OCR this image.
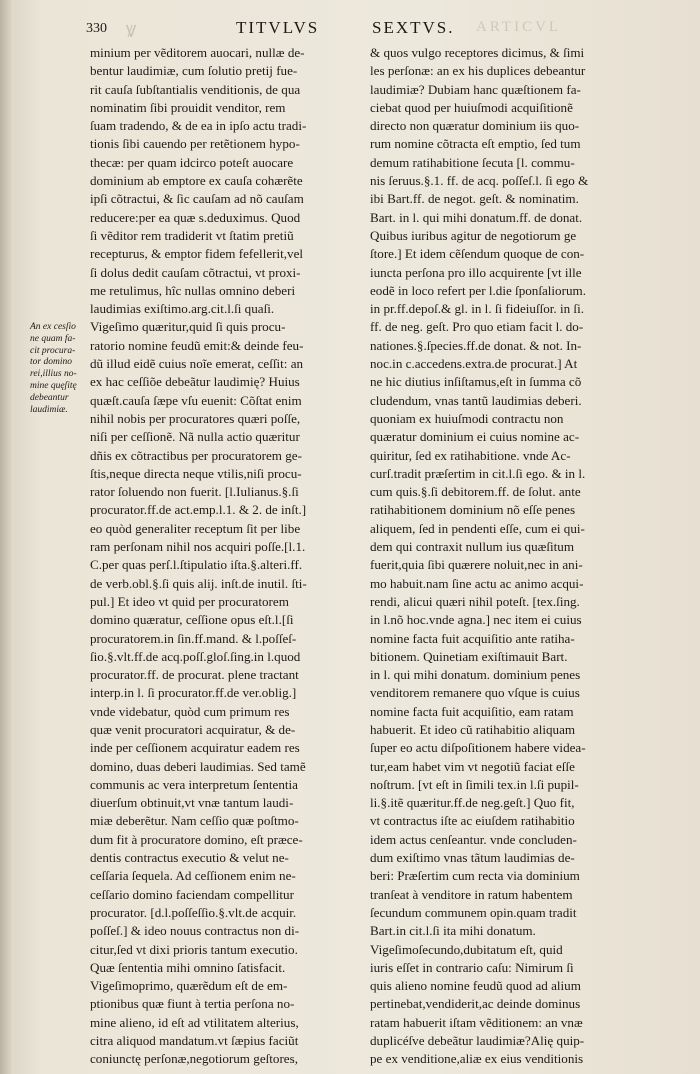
330 Ꝟ	TITVLVS	SEXTVS. ARTICVL
An ex cesſio
ne quam fa-
cit procura-
tor domino
rei,illius no-
mine quęſitę
debeantur
laudimiæ.
minium per vẽditorem auocari, nullæ de-
bentur laudimiæ, cum ſolutio pretij fue-
rit cauſa ſubſtantialis venditionis, de qua
nominatim ſibi prouidit venditor, rem
ſuam tradendo, & de ea in ipſo actu tradi-
tionis ſibi cauendo per retẽtionem hypo-
thecæ: per quam idcirco poteſt auocare
dominium ab emptore ex cauſa cohærẽte
ipſi cõtractui, & ſic cauſam ad nõ cauſam
reducere:per ea quæ s.deduximus. Quod
ſi vẽditor rem tradiderit vt ſtatim pretiũ
recepturus, & emptor fidem fefellerit,vel
ſi dolus dedit cauſam cõtractui, vt proxi-
me retulimus, hîc nullas omnino deberi
laudimias exiſtimo.arg.cit.l.ſi quaſi.
Vigeſimo quæritur,quid ſi quis procu-
ratorio nomine feudũ emit:& deinde feu-
dũ illud eidẽ cuius noĩe emerat, ceſſit: an
ex hac ceſſiõe debeãtur laudimię? Huius
quæſt.cauſa ſæpe vſu euenit: Cõſtat enim
nihil nobis per procuratores quæri poſſe,
niſi per ceſſionẽ. Nã nulla actio quæritur
dñis ex cõtractibus per procuratorem ge-
ſtis,neque directa neque vtilis,niſi procu-
rator ſoluendo non fuerit. [l.Iulianus.§.ſi
procurator.ff.de act.emp.l.1. & 2. de inſt.]
eo quòd generaliter receptum ſit per libe
ram perſonam nihil nos acquiri poſſe.[l.1.
C.per quas perſ.l.ſtipulatio iſta.§.alteri.ff.
de verb.obl.§.ſi quis alij. inſt.de inutil. ſti-
pul.] Et ideo vt quid per procuratorem
domino quæratur, ceſſione opus eſt.l.[ſi
procuratorem.in ſin.ff.mand. & l.poſſeſ-
ſio.§.vlt.ff.de acq.poſſ.gloſ.ſing.in l.quod
procurator.ff. de procurat. plene tractant
interp.in l. ſi procurator.ff.de ver.oblig.]
vnde videbatur, quòd cum primum res
quæ venit procuratori acquiratur, & de-
inde per ceſſionem acquiratur eadem res
domino, duas deberi laudimias. Sed tamẽ
communis ac vera interpretum ſententia
diuerſum obtinuit,vt vnæ tantum laudi-
miæ deberẽtur. Nam ceſſio quæ poſtmo-
dum fit à procuratore domino, eſt præce-
dentis contractus executio & velut ne-
ceſſaria ſequela. Ad ceſſionem enim ne-
ceſſario domino faciendam compellitur
procurator. [d.l.poſſeſſio.§.vlt.de acquir.
poſſeſ.] & ideo nouus contractus non di-
citur,ſed vt dixi prioris tantum executio.
Quæ ſententia mihi omnino ſatisfacit.
Vigeſimoprimo, quærẽdum eſt de em-
ptionibus quæ fiunt à tertia perſona no-
mine alieno, id eſt ad vtilitatem alterius,
citra aliquod mandatum.vt ſæpius faciũt
coniunctę perſonæ,negotiorum geſtores,
& quos vulgo receptores dicimus, & ſimi
les perſonæ: an ex his duplices debeantur
laudimiæ? Dubiam hanc quæſtionem fa-
ciebat quod per huiuſmodi acquiſitionẽ
directo non quæratur dominium iis quo-
rum nomine cõtracta eſt emptio, ſed tum
demum ratihabitione ſecuta [l. commu-
nis ſeruus.§.1. ff. de acq. poſſeſ.l. ſi ego &
ibi Bart.ff. de negot. geſt. & nominatim.
Bart. in l. qui mihi donatum.ff. de donat.
Quibus iuribus agitur de negotiorum ge
ſtore.] Et idem cẽſendum quoque de con-
iuncta perſona pro illo acquirente [vt ille
eodẽ in loco refert per l.die ſponſaliorum.
in pr.ff.depoſ.& gl. in l. ſi fideiuſſor. in ſi.
ff. de neg. geſt. Pro quo etiam facit l. do-
nationes.§.ſpecies.ff.de donat. & not. In-
noc.in c.accedens.extra.de procurat.] At
ne hic diutius inſiſtamus,eſt in ſumma cõ
cludendum, vnas tantũ laudimias deberi.
quoniam ex huiuſmodi contractu non
quæratur dominium ei cuius nomine ac-
quiritur, ſed ex ratihabitione. vnde Ac-
curſ.tradit præſertim in cit.l.ſi ego. & in l.
cum quis.§.ſi debitorem.ff. de ſolut. ante
ratihabitionem dominium nõ eſſe penes
aliquem, ſed in pendenti eſſe, cum ei qui-
dem qui contraxit nullum ius quæſitum
fuerit,quia ſibi quærere noluit,nec in ani-
mo habuit.nam ſine actu ac animo acqui-
rendi, alicui quæri nihil poteſt. [tex.ſing.
in l.nõ hoc.vnde agna.] nec item ei cuius
nomine facta fuit acquiſitio ante ratiha-
bitionem. Quinetiam exiſtimauit Bart.
in l. qui mihi donatum. dominium penes
venditorem remanere quo vſque is cuius
nomine facta fuit acquiſitio, eam ratam
habuerit. Et ideo cũ ratihabitio aliquam
ſuper eo actu diſpoſitionem habere videa-
tur,eam habet vim vt negotiũ faciat eſſe
noſtrum. [vt eſt in ſimili tex.in l.ſi pupil-
li.§.itẽ quæritur.ff.de neg.geſt.] Quo fit,
vt contractus iſte ac eiuſdem ratihabitio
idem actus cenſeantur. vnde concluden-
dum exiſtimo vnas tãtum laudimias de-
beri: Præſertim cum recta via dominium
tranſeat à venditore in ratum habentem
ſecundum communem opin.quam tradit
Bart.in cit.l.ſi ita mihi donatum.
Vigeſimoſecundo,dubitatum eſt, quid
iuris eſſet in contrario caſu: Nimirum ſi
quis alieno nomine feudũ quod ad alium
pertinebat,vendiderit,ac deinde dominus
ratam habuerit iſtam vẽditionem: an vnæ
duplicéſve debeãtur laudimiæ?Alię quip-
pe ex venditione,aliæ ex eius venditionis
